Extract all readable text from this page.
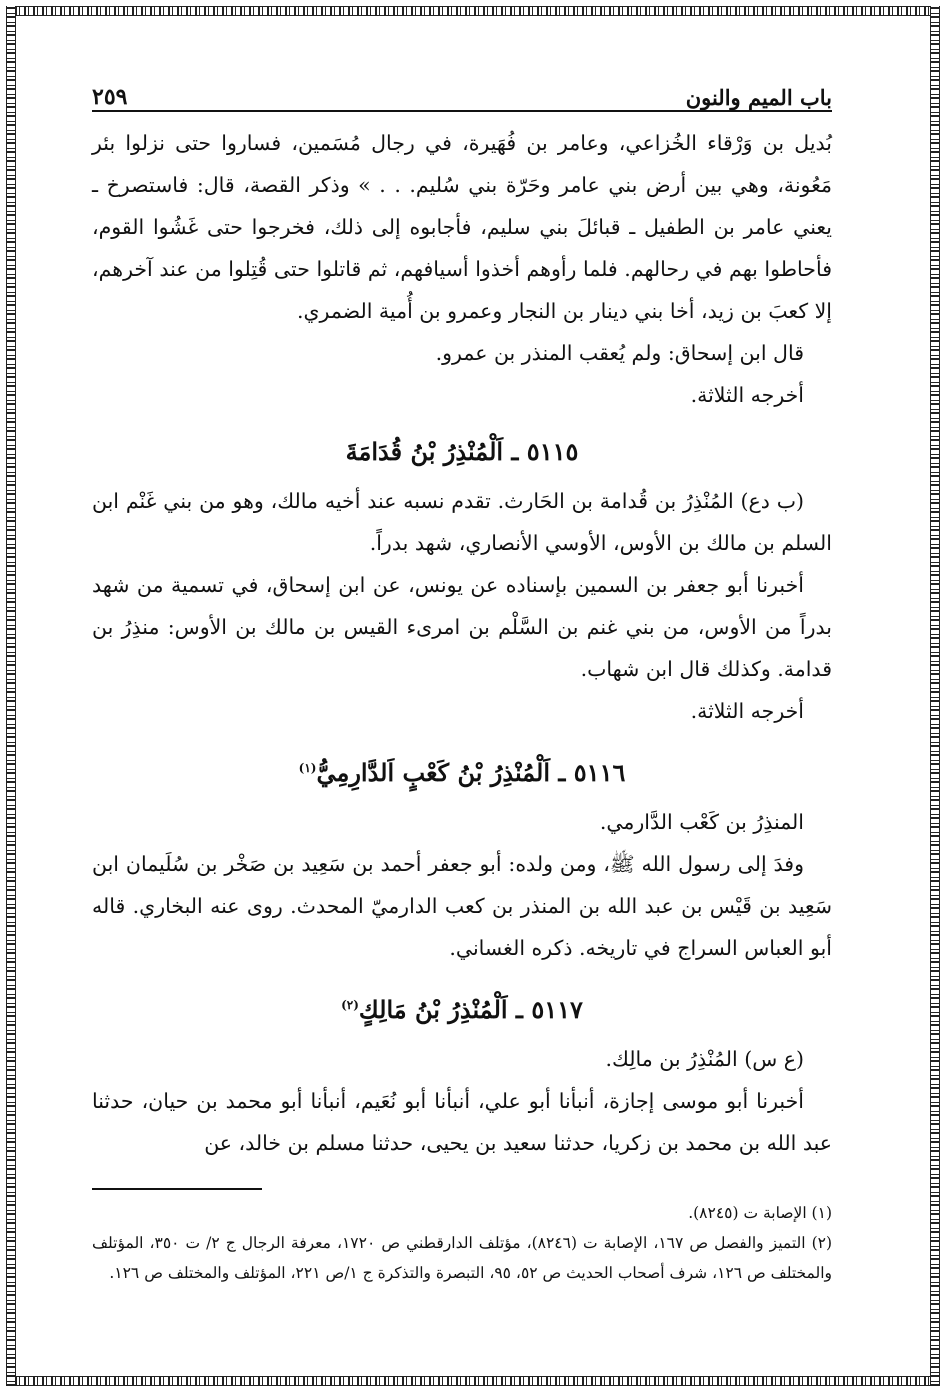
باب الميم والنون
٢٥٩

بُديل بن وَرْقاء الخُزاعي، وعامر بن فُهَيرة، في رجال مُسَمين، فساروا حتى نزلوا بئر مَعُونة، وهي بين أرض بني عامر وحَرّة بني سُليم. . . » وذكر القصة، قال: فاستصرخ ـ يعني عامر بن الطفيل ـ قبائلَ بني سليم، فأجابوه إلى ذلك، فخرجوا حتى غَشُوا القوم، فأحاطوا بهم في رحالهم. فلما رأوهم أخذوا أسيافهم، ثم قاتلوا حتى قُتِلوا من عند آخرهم، إلا كعبَ بن زيد، أخا بني دينار بن النجار وعمرو بن أُمية الضمري.

قال ابن إسحاق: ولم يُعقب المنذر بن عمرو.

أخرجه الثلاثة.

٥١١٥ ـ اَلْمُنْذِرُ بْنُ قُدَامَةَ

(ب دع) المُنْذِرُ بن قُدامة بن الحَارث. تقدم نسبه عند أخيه مالك، وهو من بني غَنْم ابن السلم بن مالك بن الأوس، الأوسي الأنصاري، شهد بدراً.

أخبرنا أبو جعفر بن السمين بإسناده عن يونس، عن ابن إسحاق، في تسمية من شهد بدراً من الأوس، من بني غنم بن السَّلْم بن امرىء القيس بن مالك بن الأوس: منذِرُ بن قدامة. وكذلك قال ابن شهاب.

أخرجه الثلاثة.

٥١١٦ ـ اَلْمُنْذِرُ بْنُ كَعْبٍ اَلدَّارِمِيُّ$^{(١)}$

المنذِرُ بن كَعْب الدَّارمي.

وفدَ إلى رسول الله ﷺ، ومن ولده: أبو جعفر أحمد بن سَعِيد بن صَخْر بن سُلَيمان ابن سَعِيد بن قَيْس بن عبد الله بن المنذر بن كعب الدارميّ المحدث. روى عنه البخاري. قاله أبو العباس السراج في تاريخه. ذكره الغساني.

٥١١٧ ـ اَلْمُنْذِرُ بْنُ مَالِكٍ$^{(٢)}$

(ع س) المُنْذِرُ بن مالِك.

أخبرنا أبو موسى إجازة، أنبأنا أبو علي، أنبأنا أبو نُعَيم، أنبأنا أبو محمد بن حيان، حدثنا عبد الله بن محمد بن زكريا، حدثنا سعيد بن يحيى، حدثنا مسلم بن خالد، عن

(١) الإصابة ت (٨٢٤٥).

(٢) التميز والفصل ص ١٦٧، الإصابة ت (٨٢٤٦)، مؤتلف الدارقطني ص ١٧٢٠، معرفة الرجال ج ٢/ ت ٣٥٠، المؤتلف والمختلف ص ١٢٦، شرف أصحاب الحديث ص ٥٢، ٩٥، التبصرة والتذكرة ج ١/ص ٢٢١، المؤتلف والمختلف ص ١٢٦.
